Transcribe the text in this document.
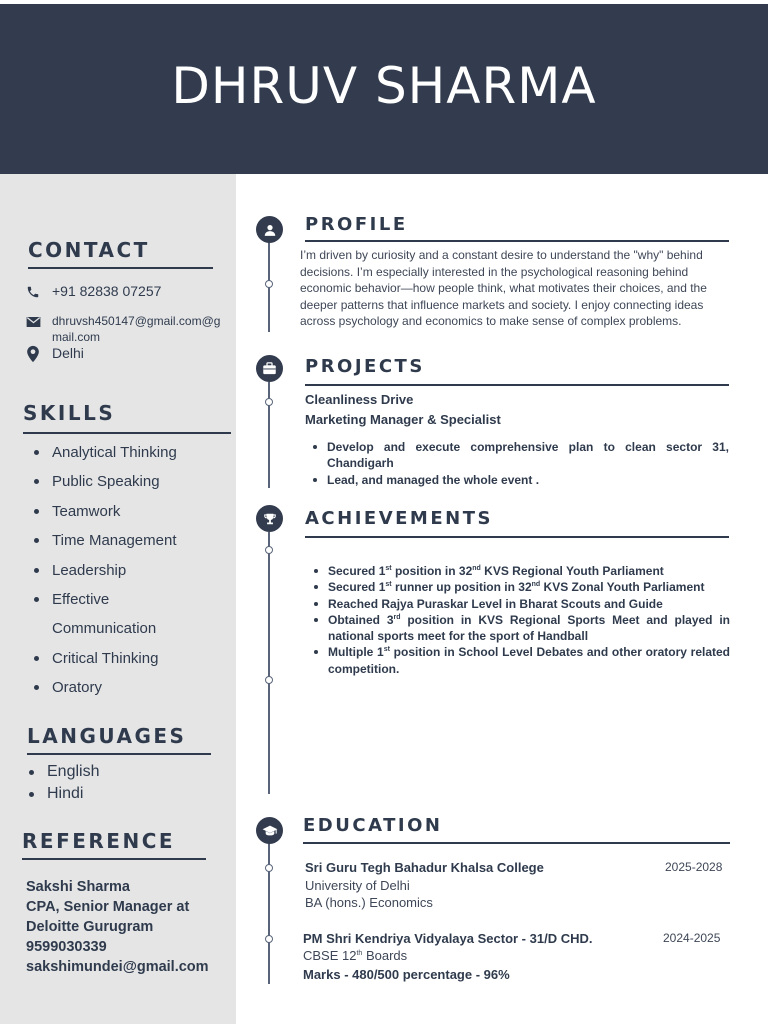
DHRUV SHARMA
CONTACT
+91 82838 07257
dhruvsh450147@gmail.com@g
mail.com
Delhi
SKILLS
Analytical Thinking
Public Speaking
Teamwork
Time Management
Leadership
Effective
Communication
Critical Thinking
Oratory
LANGUAGES
English
Hindi
REFERENCE
Sakshi Sharma
CPA, Senior Manager at
Deloitte Gurugram
9599030339
sakshimundei@gmail.com
PROFILE
I’m driven by curiosity and a constant desire to understand the "why" behind decisions. I’m especially interested in the psychological reasoning behind economic behavior—how people think, what motivates their choices, and the deeper patterns that influence markets and society. I enjoy connecting ideas across psychology and economics to make sense of complex problems.
PROJECTS
Cleanliness Drive
Marketing Manager & Specialist
Develop and execute comprehensive plan to clean sector 31, Chandigarh
Lead, and managed the whole event .
ACHIEVEMENTS
Secured 1st position in 32nd KVS Regional Youth Parliament
Secured 1st runner up position in 32nd KVS Zonal Youth Parliament
Reached Rajya Puraskar Level in Bharat Scouts and Guide
Obtained 3rd position in KVS Regional Sports Meet and played in national sports meet for the sport of Handball
Multiple 1st position in School Level Debates and other oratory related competition.
EDUCATION
Sri Guru Tegh Bahadur Khalsa College	2025-2028
University of Delhi
BA (hons.) Economics
PM Shri Kendriya Vidyalaya Sector - 31/D CHD.	2024-2025
CBSE 12th Boards
Marks - 480/500 percentage - 96%
